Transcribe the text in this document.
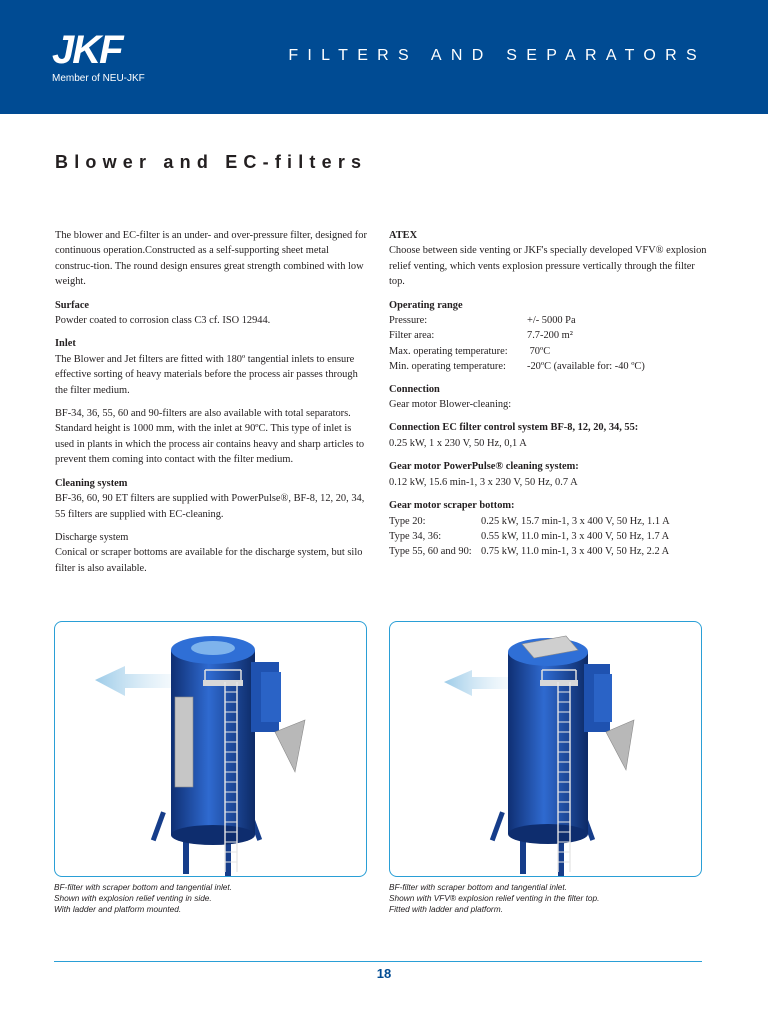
JKF
Member of NEU-JKF
FILTERS AND SEPARATORS
Blower and EC-filters

The blower and EC-filter is an under- and over-pressure filter, designed for continuous operation.Constructed as a self-supporting sheet metal construc-tion. The round design ensures great strength combined with low weight.

Surface
Powder coated to corrosion class C3 cf. ISO 12944.

Inlet
The Blower and Jet filters are fitted with 180º tangential inlets to ensure effective sorting of heavy materials before the process air passes through the filter medium.

BF-34, 36, 55, 60 and 90-filters are also available with total separators. Standard height is 1000 mm, with the inlet at 90ºC. This type of inlet is used in plants in which the process air contains heavy and sharp articles to prevent them coming into contact with the filter medium.

Cleaning system
BF-36, 60, 90 ET filters are supplied with PowerPulse®, BF-8, 12, 20, 34, 55 filters are supplied with EC-cleaning.

Discharge system
Conical or scraper bottoms are available for the discharge system, but silo filter is also available.

ATEX
Choose between side venting or JKF's specially developed VFV® explosion relief venting, which vents explosion pressure vertically through the filter top.

Operating range
Pressure:	+/- 5000 Pa
Filter area:	7.7-200 m²
Max. operating temperature:	70ºC
Min. operating temperature:	-20ºC (available for: -40 ºC)

Connection
Gear motor Blower-cleaning:

Connection EC filter control system BF-8, 12, 20, 34, 55:
0.25 kW, 1 x 230 V, 50 Hz, 0,1 A

Gear motor PowerPulse® cleaning system:
0.12 kW, 15.6 min-1, 3 x 230 V, 50 Hz, 0.7 A

Gear motor scraper bottom:
Type 20:	0.25 kW, 15.7 min-1, 3 x 400 V, 50 Hz, 1.1 A
Type 34, 36:	0.55 kW, 11.0 min-1, 3 x 400 V, 50 Hz, 1.7 A
Type 55, 60 and 90: 0.75 kW, 11.0 min-1, 3 x 400 V, 50 Hz, 2.2 A
BF-filter with scraper bottom and tangential inlet.
Shown with explosion relief venting in side.
With ladder and platform mounted.
BF-filter with scraper bottom and tangential inlet.
Shown with VFV® explosion relief venting in the filter top.
Fitted with ladder and platform.
18
